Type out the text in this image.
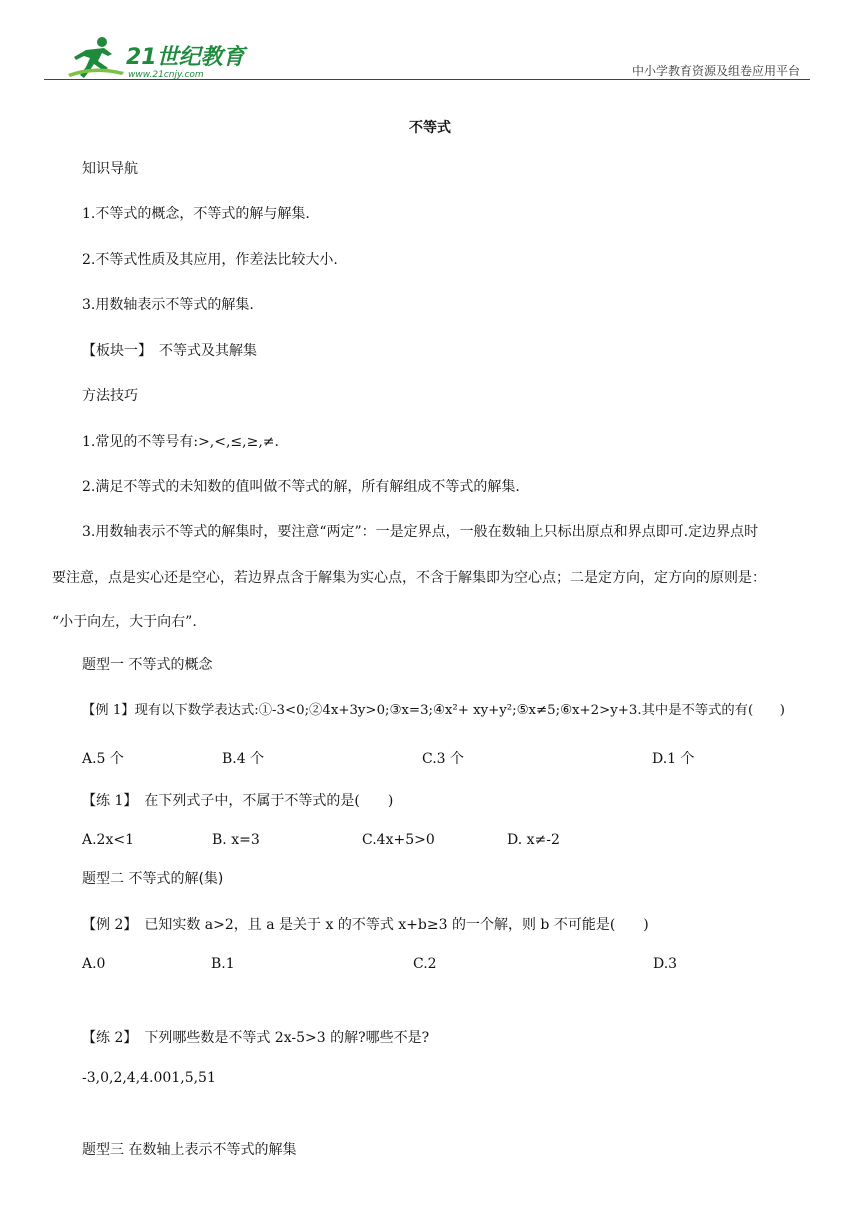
21世纪教育
www.21cnjy.com	中小学教育资源及组卷应用平台
不等式
知识导航
1.不等式的概念，不等式的解与解集.
2.不等式性质及其应用，作差法比较大小.
3.用数轴表示不等式的解集.
【板块一】　不等式及其解集
方法技巧
1.常见的不等号有:>,<,≤,≥,≠.
2.满足不等式的未知数的值叫做不等式的解，所有解组成不等式的解集.
3.用数轴表示不等式的解集时，要注意“两定”：一是定界点，一般在数轴上只标出原点和界点即可.定边界点时
要注意，点是实心还是空心，若边界点含于解集为实心点，不含于解集即为空心点；二是定方向，定方向的原则是：
“小于向左，大于向右”.
题型一 不等式的概念
【例 1】现有以下数学表达式:①-3<0;②4x+3y>0;③x=3;④x²+ xy+y²;⑤x≠5;⑥x+2>y+3.其中是不等式的有(　　)
A.5 个	B.4 个	C.3 个	D.1 个
【练 1】　在下列式子中，不属于不等式的是(　　)
A.2x<1	B. x=3	C.4x+5>0	D. x≠-2
题型二 不等式的解(集)
【例 2】　已知实数 a>2，且 a 是关于 x 的不等式 x+b≥3 的一个解，则 b 不可能是(　　)
A.0	B.1	C.2	D.3
【练 2】　下列哪些数是不等式 2x-5>3 的解?哪些不是?
-3,0,2,4,4.001,5,51
题型三 在数轴上表示不等式的解集
